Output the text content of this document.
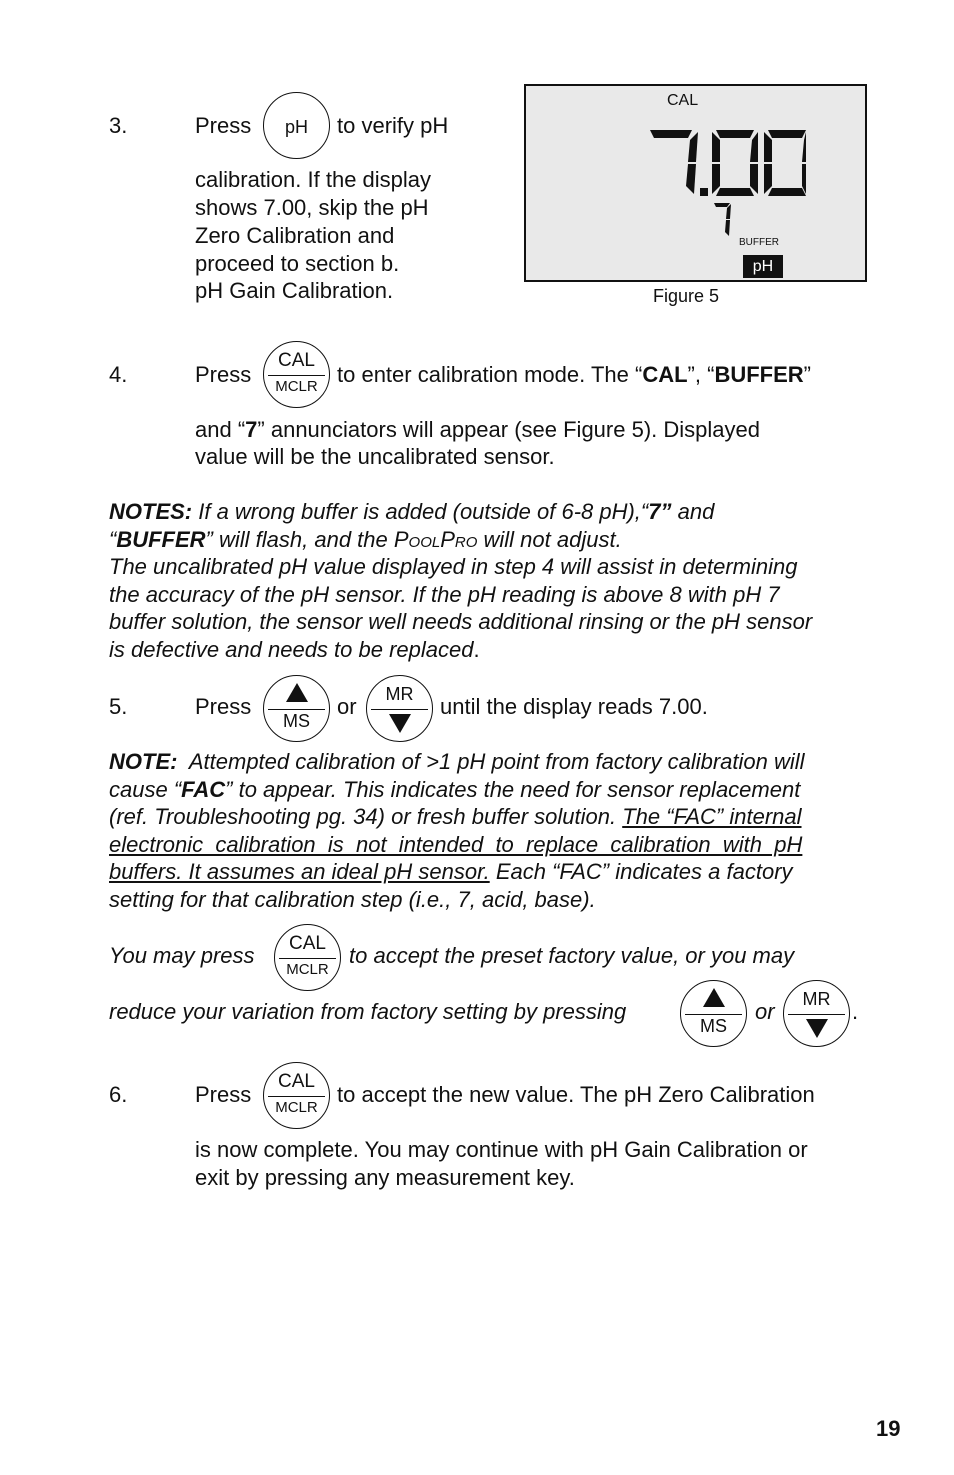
3.	Press	pH	to verify pH
calibration. If the display
shows 7.00, skip the pH
Zero Calibration and
proceed to section b.
pH Gain Calibration.
CAL
BUFFER
pH
Figure 5
4.	Press
CAL
MCLR to enter calibration mode. The “CAL”, “BUFFER”
and “7” annunciators will appear (see Figure 5). Displayed
value will be the uncalibrated sensor.
NOTES: If a wrong buffer is added (outside of 6-8 pH),“7” and
“BUFFER” will flash, and the PoolPro will not adjust.
The uncalibrated pH value displayed in step 4 will assist in determining
the accuracy of the pH sensor. If the pH reading is above 8 with pH 7
buffer solution, the sensor well needs additional rinsing or the pH sensor
is defective and needs to be replaced.
5.	Press
MS
or	MR	until the display reads 7.00.
NOTE:  Attempted calibration of >1 pH point from factory calibration will
cause “FAC” to appear. This indicates the need for sensor replacement
(ref. Troubleshooting pg. 34) or fresh buffer solution. The “FAC” internal
electronic  calibration  is  not  intended  to  replace  calibration  with  pH
buffers. It assumes an ideal pH sensor. Each “FAC” indicates a factory
setting for that calibration step (i.e., 7, acid, base).
You may press	CAL
MCLR
to accept the preset factory value, or you may
reduce your variation from factory setting by pressing
MS
or	MR .
6.	Press
CAL
MCLR
to accept the new value. The pH Zero Calibration
is now complete. You may continue with pH Gain Calibration or
exit by pressing any measurement key.
19
